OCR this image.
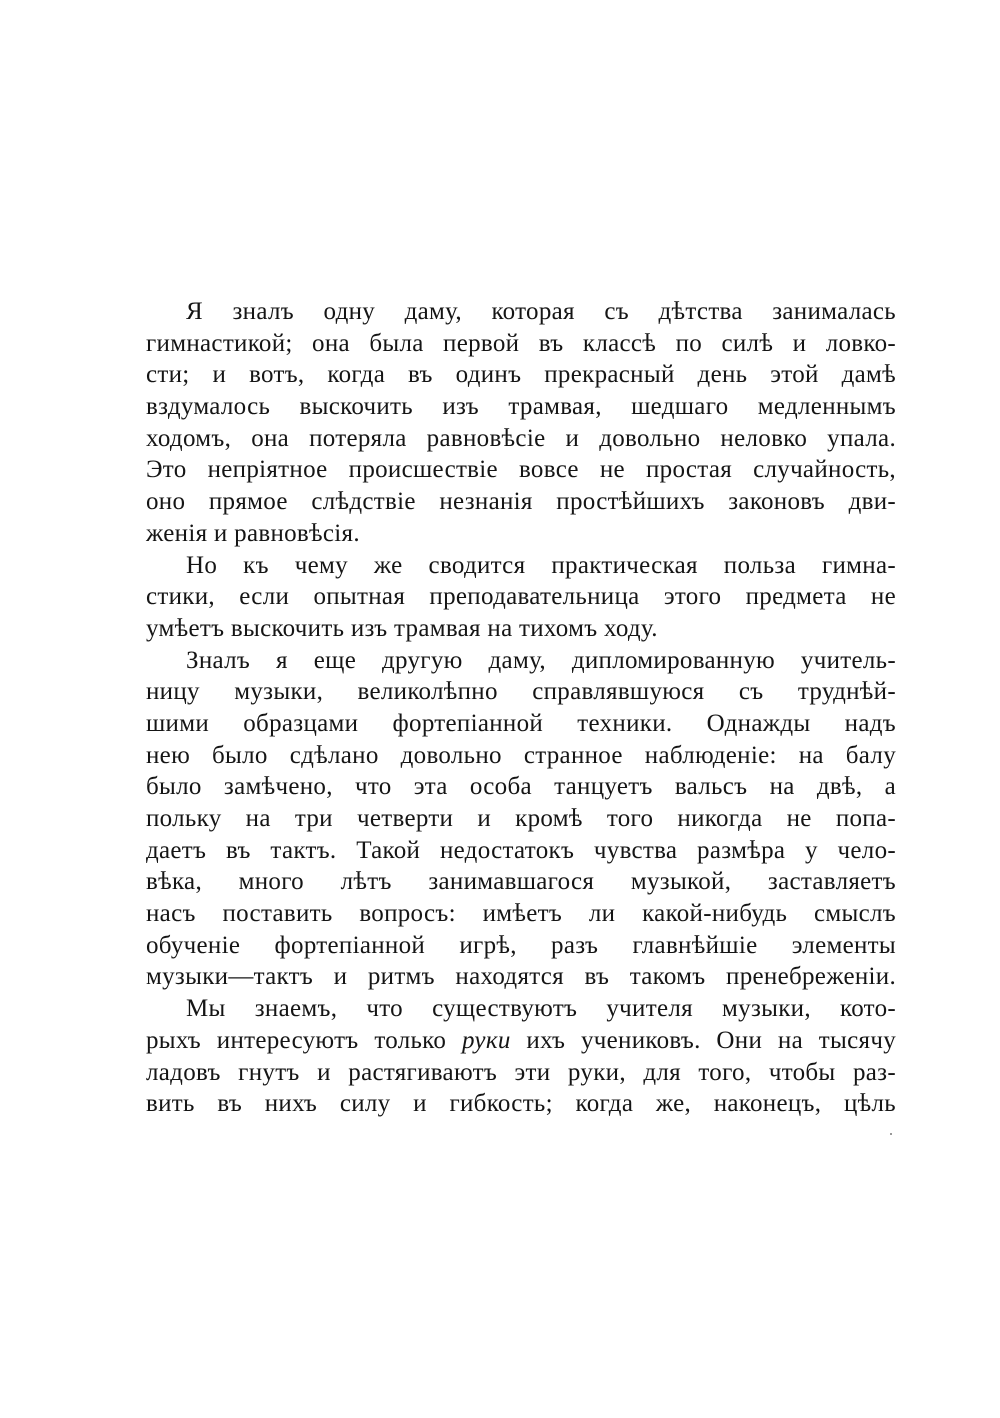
Я зналъ одну даму, которая съ дѣтства занималась
гимнастикой; она была первой въ классѣ по силѣ и ловко-
сти; и вотъ, когда въ одинъ прекрасный день этой дамѣ
вздумалось выскочить изъ трамвая, шедшаго медленнымъ
ходомъ, она потеряла равновѣсіе и довольно неловко упала.
Это непріятное происшествіе вовсе не простая случайность,
оно прямое слѣдствіе незнанія простѣйшихъ законовъ дви-
женія и равновѣсія.
Но къ чему же сводится практическая польза гимна-
стики, если опытная преподавательница этого предмета не
умѣетъ выскочить изъ трамвая на тихомъ ходу.
Зналъ я еще другую даму, дипломированную учитель-
ницу музыки, великолѣпно справлявшуюся съ труднѣй-
шими образцами фортепіанной техники. Однажды надъ
нею было сдѣлано довольно странное наблюденіе: на балу
было замѣчено, что эта особа танцуетъ вальсъ на двѣ, а
польку на три четверти и кромѣ того никогда не попа-
даетъ въ тактъ. Такой недостатокъ чувства размѣра у чело-
вѣка, много лѣтъ занимавшагося музыкой, заставляетъ
насъ поставить вопросъ: имѣетъ ли какой-нибудь смыслъ
обученіе фортепіанной игрѣ, разъ главнѣйшіе элементы
музыки—тактъ и ритмъ находятся въ такомъ пренебреженіи.
Мы знаемъ, что существуютъ учителя музыки, кото-
рыхъ интересуютъ только руки ихъ учениковъ. Они на тысячу
ладовъ гнутъ и растягиваютъ эти руки, для того, чтобы раз-
вить въ нихъ силу и гибкость; когда же, наконецъ, цѣль
